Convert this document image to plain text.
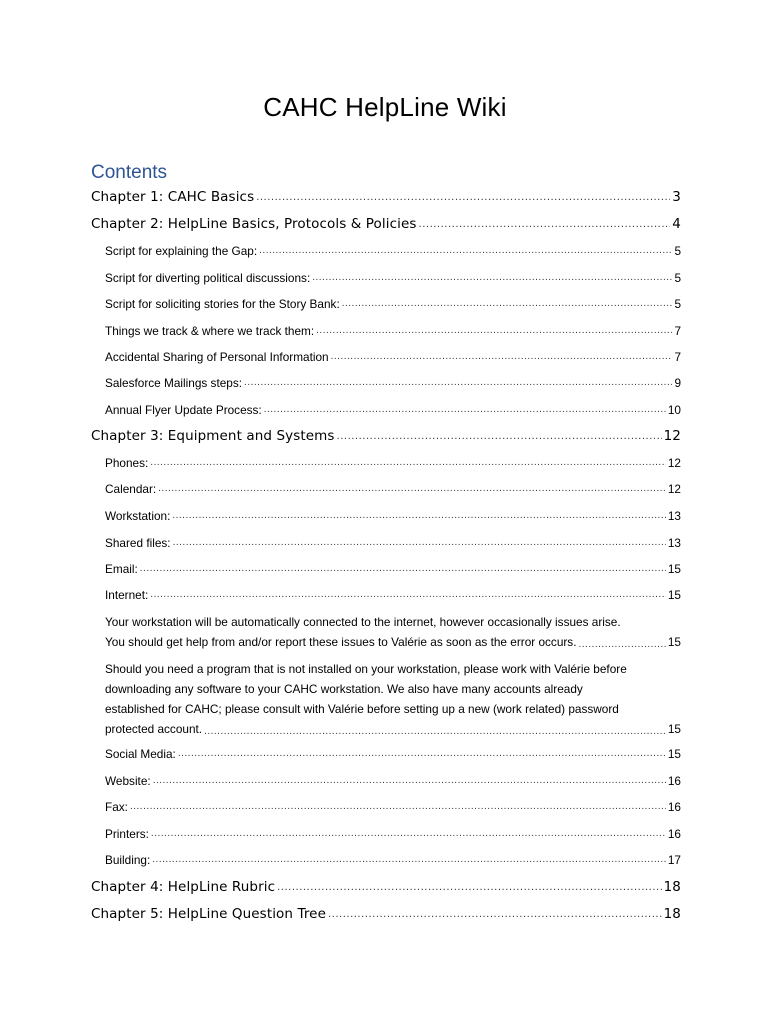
CAHC HelpLine Wiki
Contents
Chapter 1: CAHC Basics .....	3
Chapter 2: HelpLine Basics, Protocols & Policies .....	4
Script for explaining the Gap: .....	5
Script for diverting political discussions: .....	5
Script for soliciting stories for the Story Bank: .....	5
Things we track & where we track them: .....	7
Accidental Sharing of Personal Information .....	7
Salesforce Mailings steps: .....	9
Annual Flyer Update Process: .....	10
Chapter 3: Equipment and Systems .....	12
Phones: .....	12
Calendar: .....	12
Workstation: .....	13
Shared files: .....	13
Email: .....	15
Internet: .....	15
Your workstation will be automatically connected to the internet, however occasionally issues arise.
You should get help from and/or report these issues to Valérie as soon as the error occurs. .....	15
Should you need a program that is not installed on your workstation, please work with Valérie before
downloading any software to your CAHC workstation. We also have many accounts already
established for CAHC; please consult with Valérie before setting up a new (work related) password
protected account. .....	15
Social Media: .....	15
Website: .....	16
Fax: .....	16
Printers: .....	16
Building: .....	17
Chapter 4: HelpLine Rubric .....	18
Chapter 5: HelpLine Question Tree .....	18
